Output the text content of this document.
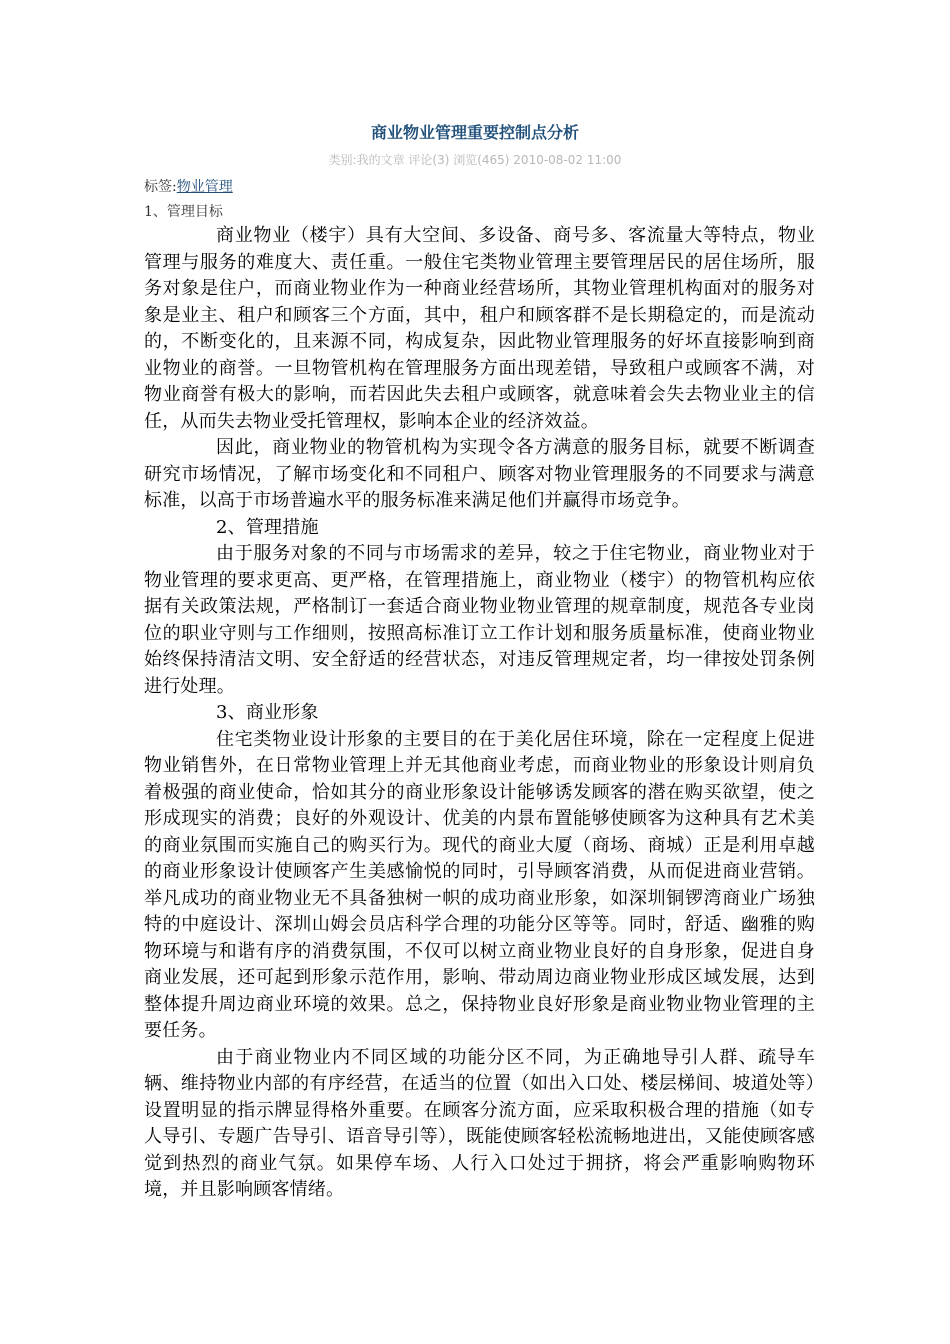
商业物业管理重要控制点分析
类别:我的文章 评论(3) 浏览(465) 2010-08-02 11:00
标签:物业管理
1、管理目标

商业物业（楼宇）具有大空间、多设备、商号多、客流量大等特点，物业管理与服务的难度大、责任重。一般住宅类物业管理主要管理居民的居住场所，服务对象是住户，而商业物业作为一种商业经营场所，其物业管理机构面对的服务对象是业主、租户和顾客三个方面，其中，租户和顾客群不是长期稳定的，而是流动的，不断变化的，且来源不同，构成复杂，因此物业管理服务的好坏直接影响到商业物业的商誉。一旦物管机构在管理服务方面出现差错，导致租户或顾客不满，对物业商誉有极大的影响，而若因此失去租户或顾客，就意味着会失去物业业主的信任，从而失去物业受托管理权，影响本企业的经济效益。

因此，商业物业的物管机构为实现令各方满意的服务目标，就要不断调查研究市场情况，了解市场变化和不同租户、顾客对物业管理服务的不同要求与满意标准，以高于市场普遍水平的服务标准来满足他们并赢得市场竞争。

2、管理措施

由于服务对象的不同与市场需求的差异，较之于住宅物业，商业物业对于物业管理的要求更高、更严格，在管理措施上，商业物业（楼宇）的物管机构应依据有关政策法规，严格制订一套适合商业物业物业管理的规章制度，规范各专业岗位的职业守则与工作细则，按照高标准订立工作计划和服务质量标准，使商业物业始终保持清洁文明、安全舒适的经营状态，对违反管理规定者，均一律按处罚条例进行处理。

3、商业形象

住宅类物业设计形象的主要目的在于美化居住环境，除在一定程度上促进物业销售外，在日常物业管理上并无其他商业考虑，而商业物业的形象设计则肩负着极强的商业使命，恰如其分的商业形象设计能够诱发顾客的潜在购买欲望，使之形成现实的消费；良好的外观设计、优美的内景布置能够使顾客为这种具有艺术美的商业氛围而实施自己的购买行为。现代的商业大厦（商场、商城）正是利用卓越的商业形象设计使顾客产生美感愉悦的同时，引导顾客消费，从而促进商业营销。举凡成功的商业物业无不具备独树一帜的成功商业形象，如深圳铜锣湾商业广场独特的中庭设计、深圳山姆会员店科学合理的功能分区等等。同时，舒适、幽雅的购物环境与和谐有序的消费氛围，不仅可以树立商业物业良好的自身形象，促进自身商业发展，还可起到形象示范作用，影响、带动周边商业物业形成区域发展，达到整体提升周边商业环境的效果。总之，保持物业良好形象是商业物业物业管理的主要任务。

由于商业物业内不同区域的功能分区不同，为正确地导引人群、疏导车辆、维持物业内部的有序经营，在适当的位置（如出入口处、楼层梯间、坡道处等）设置明显的指示牌显得格外重要。在顾客分流方面，应采取积极合理的措施（如专人导引、专题广告导引、语音导引等），既能使顾客轻松流畅地进出，又能使顾客感觉到热烈的商业气氛。如果停车场、人行入口处过于拥挤，将会严重影响购物环境，并且影响顾客情绪。
